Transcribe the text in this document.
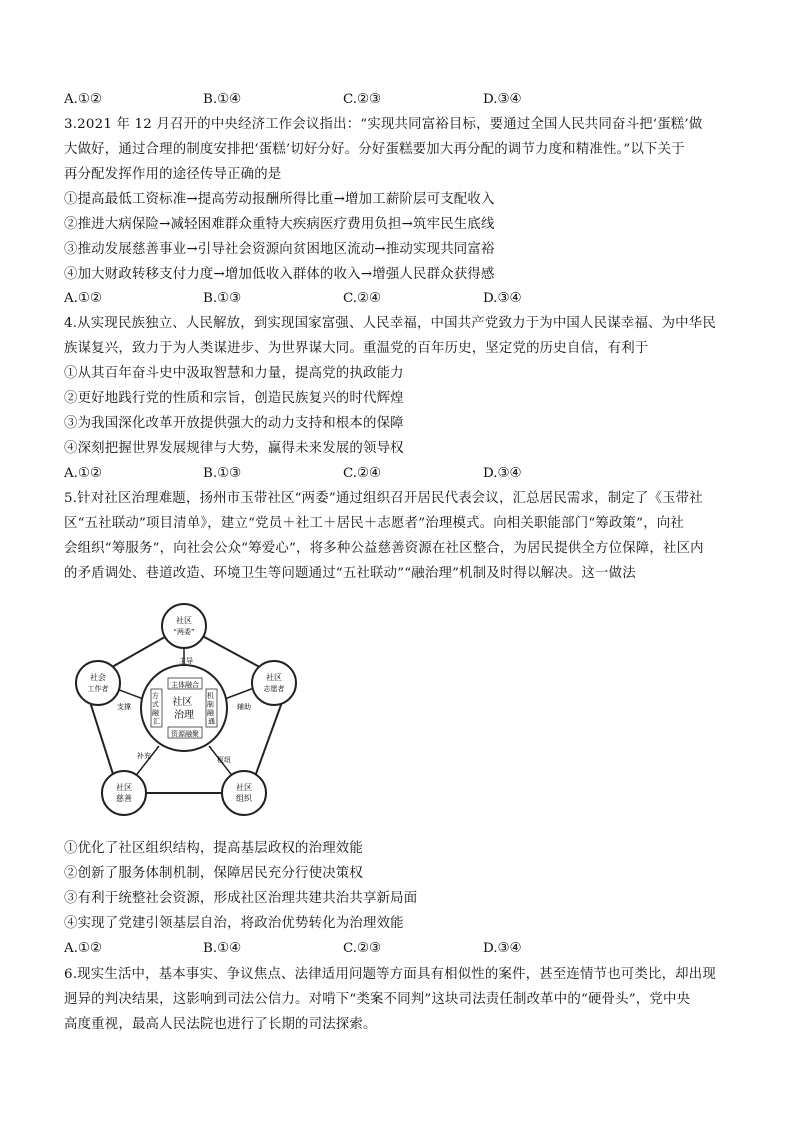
A.①②	B.①④	C.②③	D.③④
3.2021 年 12 月召开的中央经济工作会议指出：“实现共同富裕目标，要通过全国人民共同奋斗把‘蛋糕’做
大做好，通过合理的制度安排把‘蛋糕’切好分好。分好蛋糕要加大再分配的调节力度和精准性。”以下关于
再分配发挥作用的途径传导正确的是
①提高最低工资标准→提高劳动报酬所得比重→增加工薪阶层可支配收入
②推进大病保险→减轻困难群众重特大疾病医疗费用负担→筑牢民生底线
③推动发展慈善事业→引导社会资源向贫困地区流动→推动实现共同富裕
④加大财政转移支付力度→增加低收入群体的收入→增强人民群众获得感
A.①②	B.①③	C.②④	D.③④
4.从实现民族独立、人民解放，到实现国家富强、人民幸福，中国共产党致力于为中国人民谋幸福、为中华民
族谋复兴，致力于为人类谋进步、为世界谋大同。重温党的百年历史，坚定党的历史自信，有利于
①从其百年奋斗史中汲取智慧和力量，提高党的执政能力
②更好地践行党的性质和宗旨，创造民族复兴的时代辉煌
③为我国深化改革开放提供强大的动力支持和根本的保障
④深刻把握世界发展规律与大势，赢得未来发展的领导权
A.①②	B.①③	C.②④	D.③④
5.针对社区治理难题，扬州市玉带社区“两委”通过组织召开居民代表会议，汇总居民需求，制定了《玉带社
区“五社联动”项目清单》，建立“党员＋社工＋居民＋志愿者”治理模式。向相关职能部门“筹政策”，向社
会组织“筹服务”，向社会公众“筹爱心”，将多种公益慈善资源在社区整合，为居民提供全方位保障，社区内
的矛盾调处、巷道改造、环境卫生等问题通过“五社联动”“融治理”机制及时得以解决。这一做法
主体融合
资源融聚
方 式 融 汇
机 制 融 通
社区 治理
社区
“两委”
社会
工作者
社区
志愿者
社区
慈善
社区
组织
主导
支撑	辅助
补充	枢纽
①优化了社区组织结构，提高基层政权的治理效能
②创新了服务体制机制，保障居民充分行使决策权
③有利于统整社会资源，形成社区治理共建共治共享新局面
④实现了党建引领基层自治，将政治优势转化为治理效能
A.①②	B.①④	C.②③	D.③④
6.现实生活中，基本事实、争议焦点、法律适用问题等方面具有相似性的案件，甚至连情节也可类比，却出现
迥异的判决结果，这影响到司法公信力。对啃下“类案不同判”这块司法责任制改革中的“硬骨头”，党中央
高度重视，最高人民法院也进行了长期的司法探索。
